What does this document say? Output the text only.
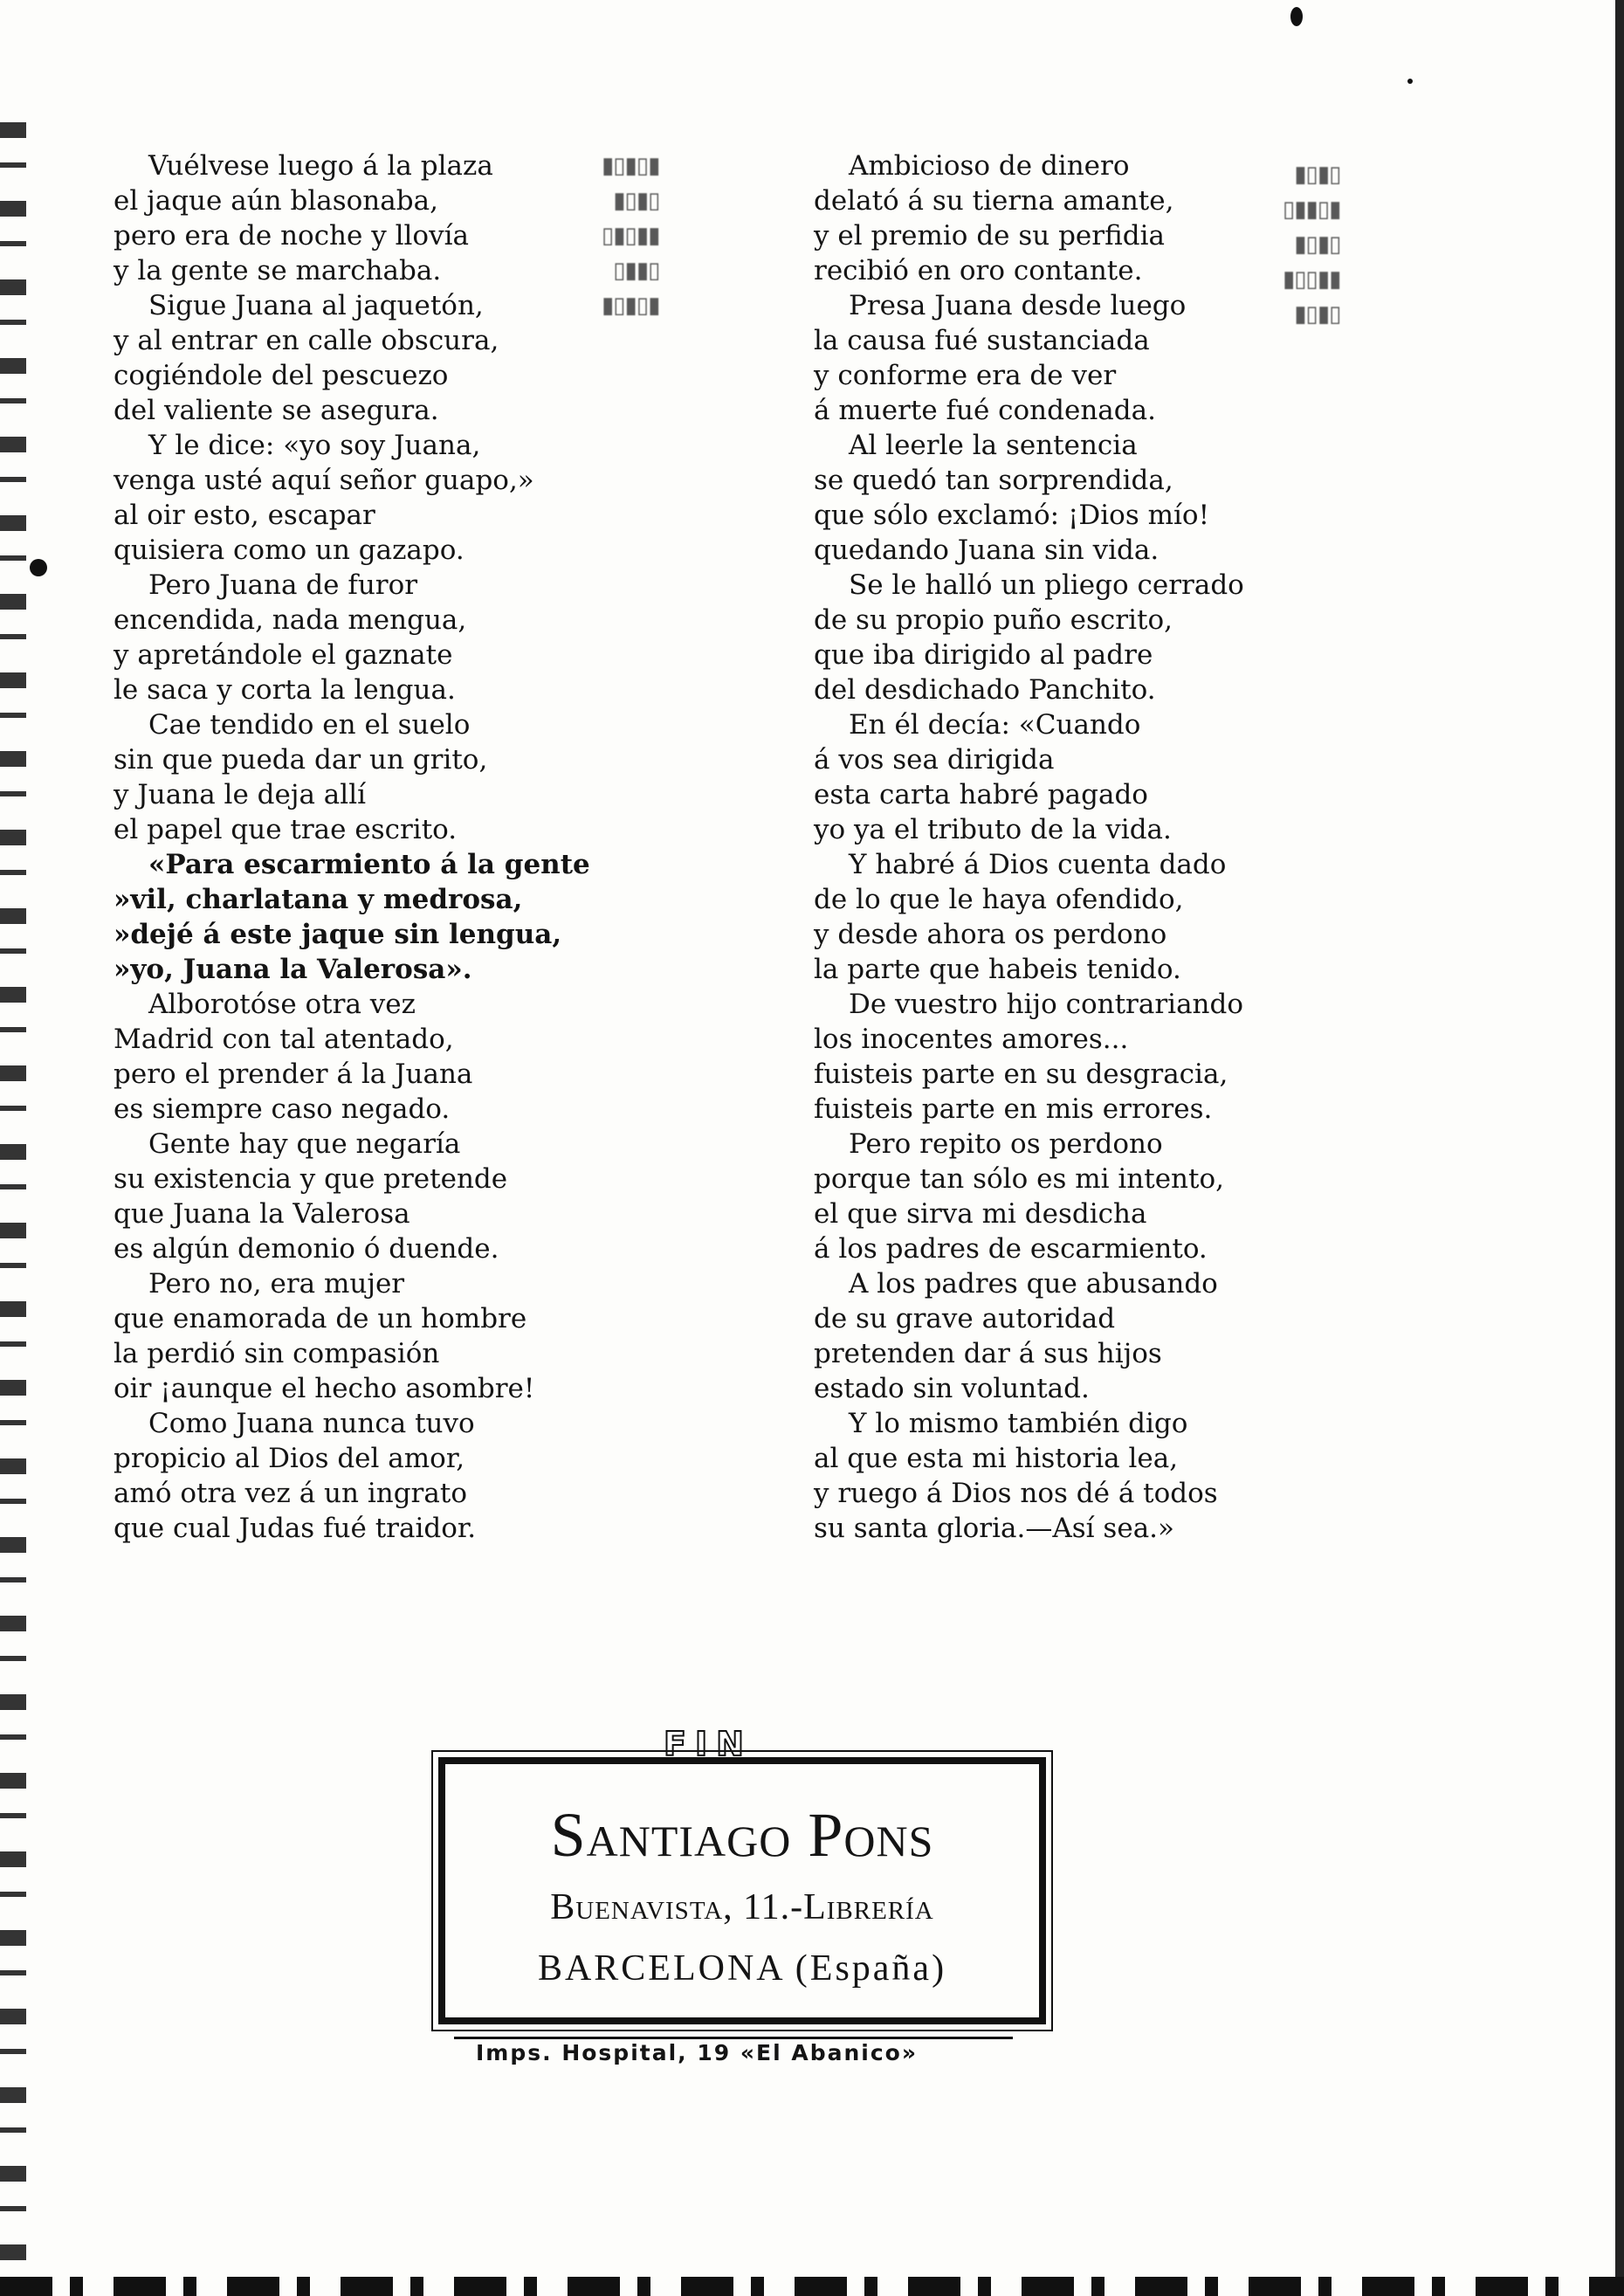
▮▯▮▯▮
▯▮▯▮
▮▮▯▮▯
▯▮▮▯
▮▯▮▯▮
▯▮▯▮
▮▯▮▮▯
▯▮▯▮
▮▮▯▯▮
▯▮▯▮
Vuélvese luego á la plaza
el jaque aún blasonaba,
pero era de noche y llovía
y la gente se marchaba.
Sigue Juana al jaquetón,
y al entrar en calle obscura,
cogiéndole del pescuezo
del valiente se asegura.
Y le dice: «yo soy Juana,
venga usté aquí señor guapo,»
al oir esto, escapar
quisiera como un gazapo.
Pero Juana de furor
encendida, nada mengua,
y apretándole el gaznate
le saca y corta la lengua.
Cae tendido en el suelo
sin que pueda dar un grito,
y Juana le deja allí
el papel que trae escrito.
«Para escarmiento á la gente
»vil, charlatana y medrosa,
»dejé á este jaque sin lengua,
»yo, Juana la Valerosa».
Alborotóse otra vez
Madrid con tal atentado,
pero el prender á la Juana
es siempre caso negado.
Gente hay que negaría
su existencia y que pretende
que Juana la Valerosa
es algún demonio ó duende.
Pero no, era mujer
que enamorada de un hombre
la perdió sin compasión
oir ¡aunque el hecho asombre!
Como Juana nunca tuvo
propicio al Dios del amor,
amó otra vez á un ingrato
que cual Judas fué traidor.
Ambicioso de dinero
delató á su tierna amante,
y el premio de su perfidia
recibió en oro contante.
Presa Juana desde luego
la causa fué sustanciada
y conforme era de ver
á muerte fué condenada.
Al leerle la sentencia
se quedó tan sorprendida,
que sólo exclamó: ¡Dios mío!
quedando Juana sin vida.
Se le halló un pliego cerrado
de su propio puño escrito,
que iba dirigido al padre
del desdichado Panchito.
En él decía: «Cuando
á vos sea dirigida
esta carta habré pagado
yo ya el tributo de la vida.
Y habré á Dios cuenta dado
de lo que le haya ofendido,
y desde ahora os perdono
la parte que habeis tenido.
De vuestro hijo contrariando
los inocentes amores...
fuisteis parte en su desgracia,
fuisteis parte en mis errores.
Pero repito os perdono
porque tan sólo es mi intento,
el que sirva mi desdicha
á los padres de escarmiento.
A los padres que abusando
de su grave autoridad
pretenden dar á sus hijos
estado sin voluntad.
Y lo mismo también digo
al que esta mi historia lea,
y ruego á Dios nos dé á todos
su santa gloria.—Así sea.»
FIN
Santiago Pons
Buenavista, 11.-Librería
BARCELONA (España)
Imps. Hospital, 19 «El Abanico»
